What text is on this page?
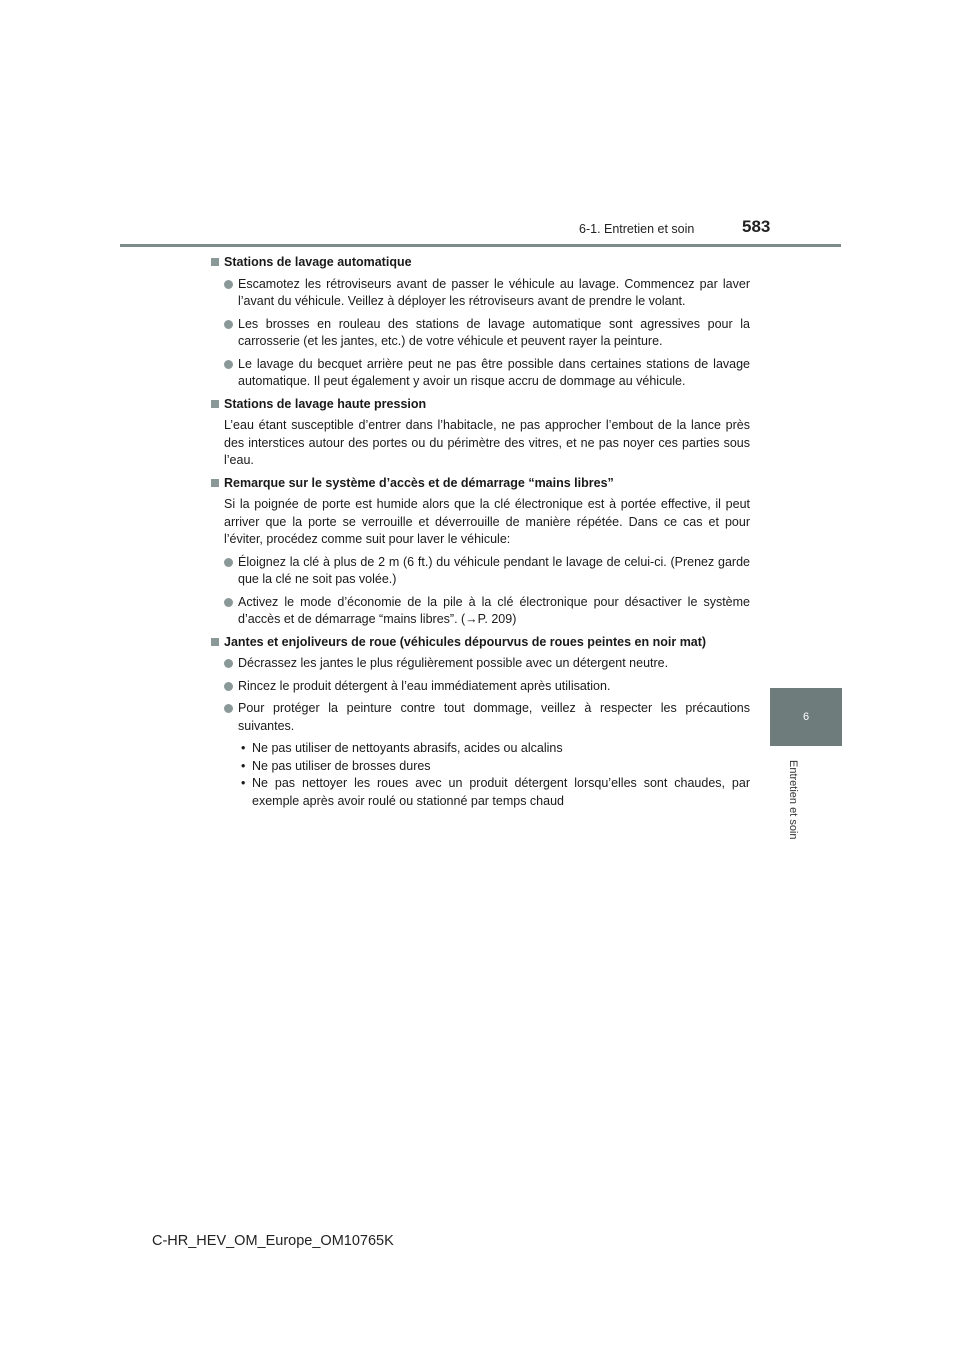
6-1. Entretien et soin	583
6
Entretien et soin
Stations de lavage automatique
Escamotez les rétroviseurs avant de passer le véhicule au lavage. Commencez par laver l’avant du véhicule. Veillez à déployer les rétroviseurs avant de prendre le volant.
Les brosses en rouleau des stations de lavage automatique sont agressives pour la carrosserie (et les jantes, etc.) de votre véhicule et peuvent rayer la peinture.
Le lavage du becquet arrière peut ne pas être possible dans certaines stations de lavage automatique. Il peut également y avoir un risque accru de dommage au véhicule.
Stations de lavage haute pression
L’eau étant susceptible d’entrer dans l’habitacle, ne pas approcher l’embout de la lance près des interstices autour des portes ou du périmètre des vitres, et ne pas noyer ces parties sous l’eau.
Remarque sur le système d’accès et de démarrage “mains libres”
Si la poignée de porte est humide alors que la clé électronique est à portée effective, il peut arriver que la porte se verrouille et déverrouille de manière répétée. Dans ce cas et pour l’éviter, procédez comme suit pour laver le véhicule:
Éloignez la clé à plus de 2 m (6 ft.) du véhicule pendant le lavage de celui-ci. (Prenez garde que la clé ne soit pas volée.)
Activez le mode d’économie de la pile à la clé électronique pour désactiver le système d’accès et de démarrage “mains libres”. (→P. 209)
Jantes et enjoliveurs de roue (véhicules dépourvus de roues peintes en noir mat)
Décrassez les jantes le plus régulièrement possible avec un détergent neutre.
Rincez le produit détergent à l’eau immédiatement après utilisation.
Pour protéger la peinture contre tout dommage, veillez à respecter les précautions suivantes.
• Ne pas utiliser de nettoyants abrasifs, acides ou alcalins
• Ne pas utiliser de brosses dures
• Ne pas nettoyer les roues avec un produit détergent lorsqu’elles sont chaudes, par exemple après avoir roulé ou stationné par temps chaud
C-HR_HEV_OM_Europe_OM10765K
